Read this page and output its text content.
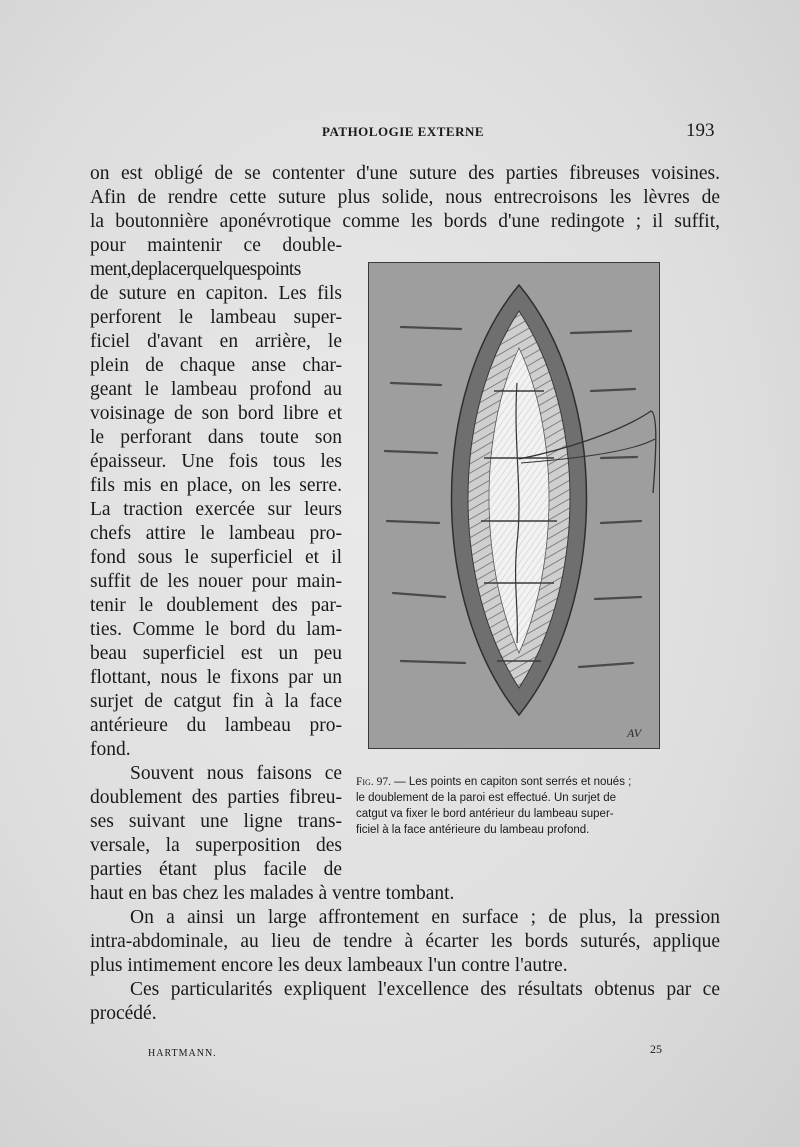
PATHOLOGIE EXTERNE	193
on est obligé de se contenter d'une suture des parties fibreuses voisines.
Afin de rendre cette suture plus solide, nous entrecroisons les lèvres de
la boutonnière aponévrotique comme les bords d'une redingote ; il suffit,
pour maintenir ce double-
ment,deplacerquelquespoints
de suture en capiton. Les fils
perforent le lambeau super-
ficiel d'avant en arrière, le
plein de chaque anse char-
geant le lambeau profond au
voisinage de son bord libre et
le perforant dans toute son
épaisseur. Une fois tous les
fils mis en place, on les serre.
La traction exercée sur leurs
chefs attire le lambeau pro-
fond sous le superficiel et il
suffit de les nouer pour main-
tenir le doublement des par-
ties. Comme le bord du lam-
beau superficiel est un peu
flottant, nous le fixons par un
surjet de catgut fin à la face
antérieure du lambeau pro-
fond.
Souvent nous faisons ce
doublement des parties fibreu-
ses suivant une ligne trans-
versale, la superposition des
parties étant plus facile de
haut en bas chez les malades à ventre tombant.
On a ainsi un large affrontement en surface ; de plus, la pression
intra-abdominale, au lieu de tendre à écarter les bords suturés, applique
plus intimement encore les deux lambeaux l'un contre l'autre.
Ces particularités expliquent l'excellence des résultats obtenus par ce
procédé.
AV
Fig. 97. — Les points en capiton sont serrés et noués ;
le doublement de la paroi est effectué. Un surjet de
catgut va fixer le bord antérieur du lambeau super-
ficiel à la face antérieure du lambeau profond.
HARTMANN.	25
